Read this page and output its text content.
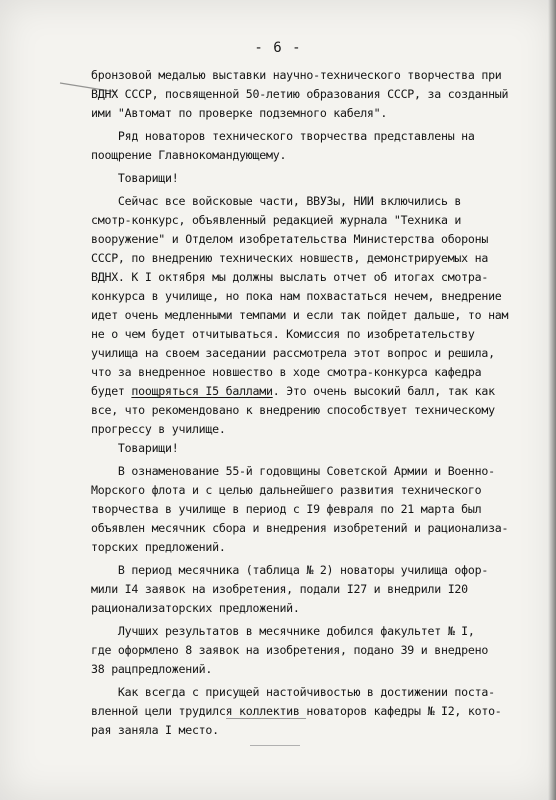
- 6 -
бронзовой медалью выставки научно-технического творчества при
ВДНХ СССР, посвященной 50-летию образования СССР, за созданный
ими "Автомат по проверке подземного кабеля".
Ряд новаторов технического творчества представлены на
поощрение Главнокомандующему.
Товарищи!
Сейчас все войсковые части, ВВУЗы, НИИ включились в
смотр-конкурс, объявленный редакцией журнала "Техника и
вооружение" и Отделом изобретательства Министерства обороны
СССР, по внедрению технических новшеств, демонстрируемых на
ВДНХ. К I октября мы должны выслать отчет об итогах смотра-
конкурса в училище, но пока нам похвастаться нечем, внедрение
идет очень медленными темпами и если так пойдет дальше, то нам
не о чем будет отчитываться. Комиссия по изобретательству
училища на своем заседании рассмотрела этот вопрос и решила,
что за внедренное новшество в ходе смотра-конкурса кафедра
будет поощряться I5 баллами. Это очень высокий балл, так как
все, что рекомендовано к внедрению способствует техническому
прогрессу в училище.
Товарищи!
В ознаменование 55-й годовщины Советской Армии и Военно-
Морского флота и с целью дальнейшего развития технического
творчества в училище в период с I9 февраля по 21 марта был
объявлен месячник сбора и внедрения изобретений и рационализа-
торских предложений.
В период месячника (таблица № 2) новаторы училища офор-
мили I4 заявок на изобретения, подали I27 и внедрили I20
рационализаторских предложений.
Лучших результатов в месячнике добился факультет № I,
где оформлено 8 заявок на изобретения, подано 39 и внедрено
38 рацпредложений.
Как всегда с присущей настойчивостью в достижении поста-
вленной цели трудился коллектив новаторов кафедры № I2, кото-
рая заняла I место.
